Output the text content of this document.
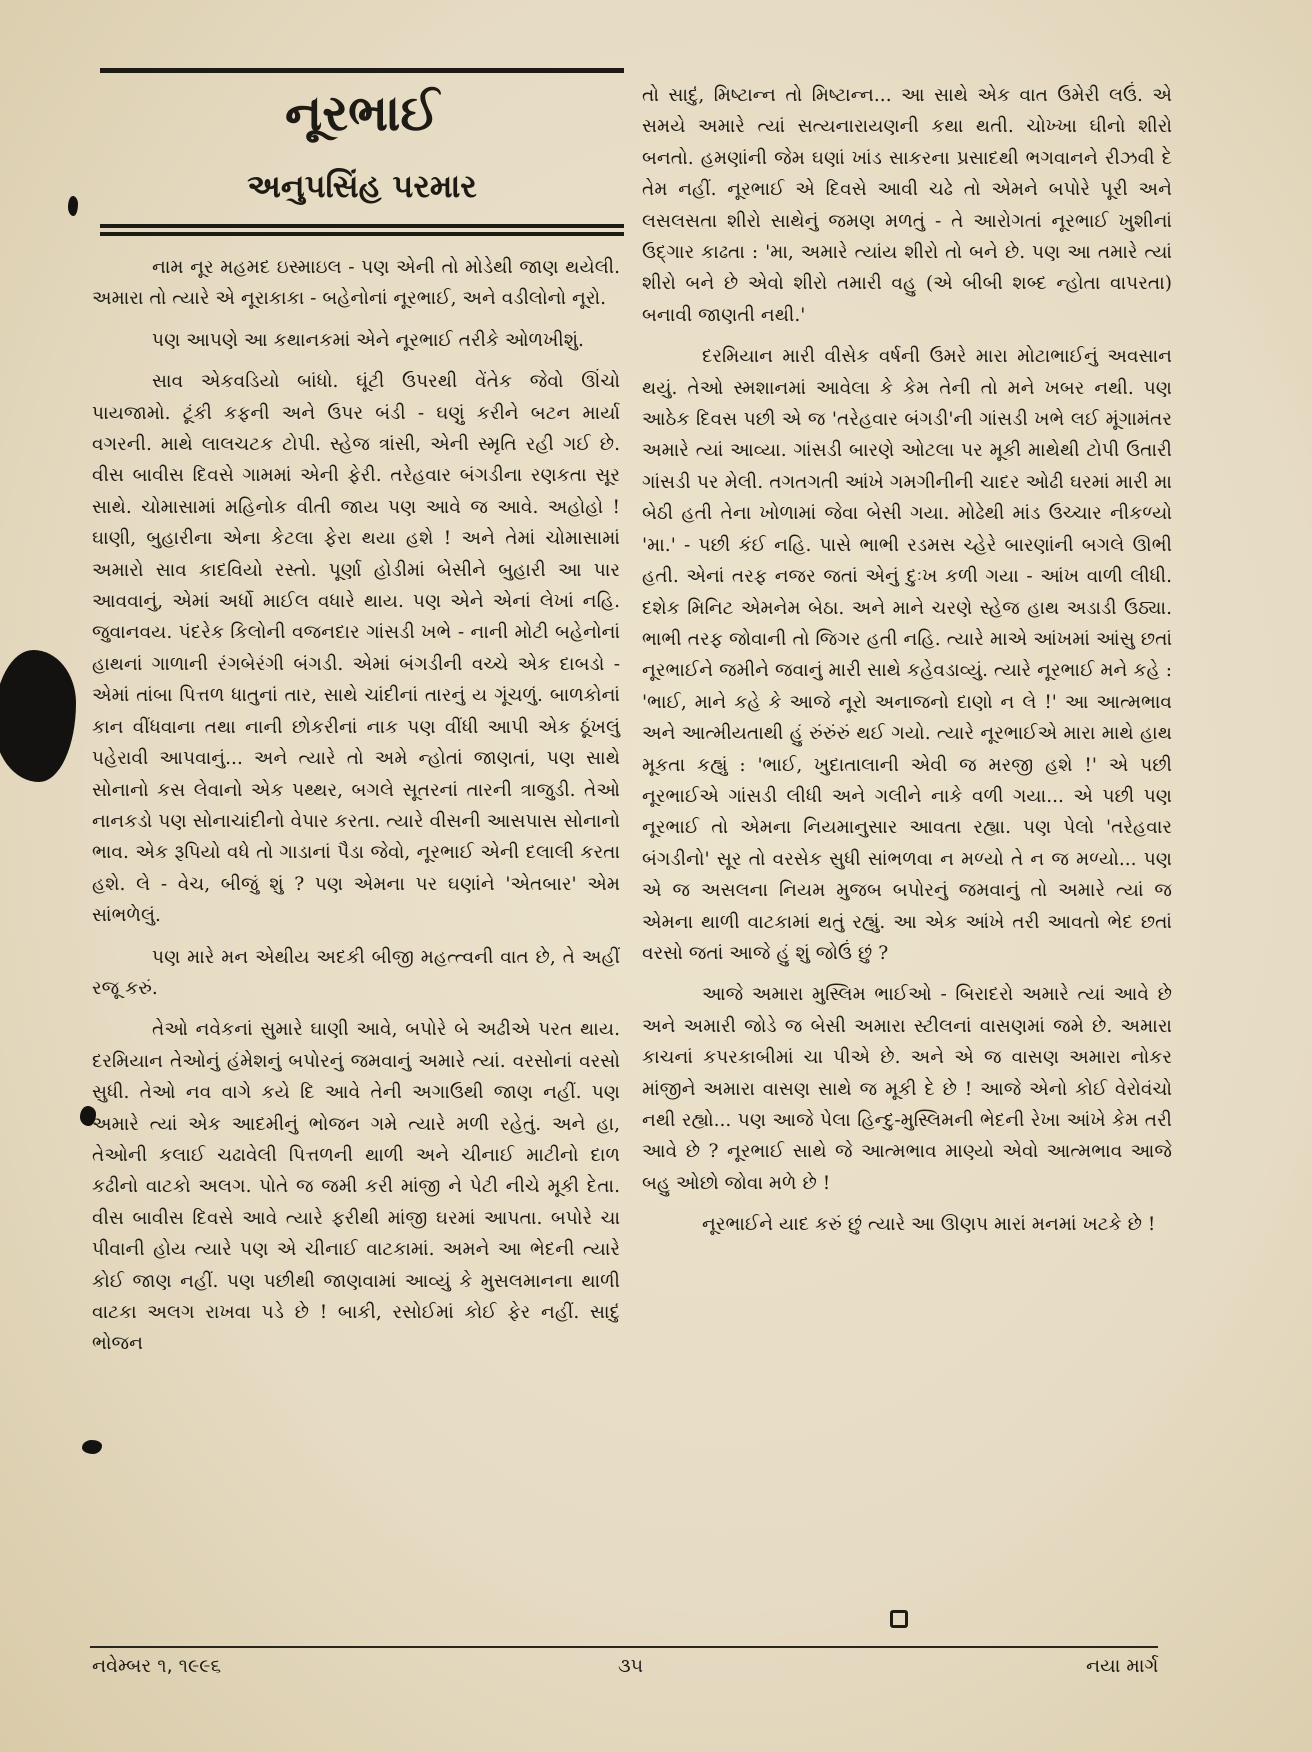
નૂરભાઈ
અનુપસિંહ પરમાર

નામ નૂર મહમદ ઇસ્માઇલ - પણ એની તો મોડેથી જાણ થયેલી. અમારા તો ત્યારે એ નૂરાકાકા - બહેનોનાં નૂરભાઈ, અને વડીલોનો નૂરો.

પણ આપણે આ કથાનકમાં એને નૂરભાઈ તરીકે ઓળખીશું.

સાવ એકવડિયો બાંધો. ઘૂંટી ઉપરથી વેંતેક જેવો ઊંચો પાયજામો. ટૂંકી કફની અને ઉપર બંડી - ઘણું કરીને બટન માર્યા વગરની. માથે લાલચટક ટોપી. સ્હેજ ત્રાંસી, એની સ્મૃતિ રહી ગઈ છે. વીસ બાવીસ દિવસે ગામમાં એની ફેરી. તરેહવાર બંગડીના રણકતા સૂર સાથે. ચોમાસામાં મહિનોક વીતી જાય પણ આવે જ આવે. અહોહો ! ઘાણી, બુહારીના એના કેટલા ફેરા થયા હશે ! અને તેમાં ચોમાસામાં અમારો સાવ કાદવિયો રસ્તો. પૂર્ણા હોડીમાં બેસીને બુહારી આ પાર આવવાનું, એમાં અર્ધો માઈલ વધારે થાય. પણ એને એનાં લેખાં નહિ. જુવાનવય. પંદરેક કિલોની વજનદાર ગાંસડી ખભે - નાની મોટી બહેનોનાં હાથનાં ગાળાની રંગબેરંગી બંગડી. એમાં બંગડીની વચ્ચે એક દાબડો - એમાં તાંબા પિત્તળ ધાતુનાં તાર, સાથે ચાંદીનાં તારનું ય ગૂંચળું. બાળકોનાં કાન વીંધવાના તથા નાની છોકરીનાં નાક પણ વીંધી આપી એક ઠૂંખલું પહેરાવી આપવાનું... અને ત્યારે તો અમે ન્હોતાં જાણતાં, પણ સાથે સોનાનો કસ લેવાનો એક પથ્થર, બગલે સૂતરનાં તારની ત્રાજુડી. તેઓ નાનકડો પણ સોનાચાંદીનો વેપાર કરતા. ત્યારે વીસની આસપાસ સોનાનો ભાવ. એક રૂપિયો વધે તો ગાડાનાં પૈડા જેવો, નૂરભાઈ એની દલાલી કરતા હશે. લે - વેચ, બીજું શું ? પણ એમના પર ઘણાંને 'એતબાર' એમ સાંભળેલું.

પણ મારે મન એથીય અદકી બીજી મહત્ત્વની વાત છે, તે અહીં રજૂ કરું.

તેઓ નવેકનાં સુમારે ઘાણી આવે, બપોરે બે અઢીએ પરત થાય. દરમિયાન તેઓનું હંમેશનું બપોરનું જમવાનું અમારે ત્યાં. વરસોનાં વરસો સુધી. તેઓ નવ વાગે કયે દિ આવે તેની અગાઉથી જાણ નહીં. પણ અમારે ત્યાં એક આદમીનું ભોજન ગમે ત્યારે મળી રહેતું. અને હા, તેઓની કલાઈ ચઢાવેલી પિત્તળની થાળી અને ચીનાઈ માટીનો દાળ કઢીનો વાટકો અલગ. પોતે જ જમી કરી માંજી ને પેટી નીચે મૂકી દેતા. વીસ બાવીસ દિવસે આવે ત્યારે ફરીથી માંજી ઘરમાં આપતા. બપોરે ચા પીવાની હોય ત્યારે પણ એ ચીનાઈ વાટકામાં. અમને આ ભેદની ત્યારે કોઈ જાણ નહીં. પણ પછીથી જાણવામાં આવ્યું કે મુસલમાનના થાળી વાટકા અલગ રાખવા પડે છે ! બાકી, રસોઈમાં કોઈ ફેર નહીં. સાદું ભોજન

તો સાદું, મિષ્ટાન્ન તો મિષ્ટાન્ન... આ સાથે એક વાત ઉમેરી લઉં. એ સમયે અમારે ત્યાં સત્યનારાયણની કથા થતી. ચોખ્ખા ઘીનો શીરો બનતો. હમણાંની જેમ ઘણાં ખાંડ સાકરના પ્રસાદથી ભગવાનને રીઝવી દે તેમ નહીં. નૂરભાઈ એ દિવસે આવી ચઢે તો એમને બપોરે પૂરી અને લસલસતા શીરો સાથેનું જમણ મળતું - તે આરોગતાં નૂરભાઈ ખુશીનાં ઉદ્ગાર કાઢતા : 'મા, અમારે ત્યાંય શીરો તો બને છે. પણ આ તમારે ત્યાં શીરો બને છે એવો શીરો તમારી વહુ (એ બીબી શબ્દ ન્હોતા વાપરતા) બનાવી જાણતી નથી.'

દરમિયાન મારી વીસેક વર્ષની ઉમરે મારા મોટાભાઈનું અવસાન થયું. તેઓ સ્મશાનમાં આવેલા કે કેમ તેની તો મને ખબર નથી. પણ આઠેક દિવસ પછી એ જ 'તરેહવાર બંગડી'ની ગાંસડી ખભે લઈ મૂંગામંતર અમારે ત્યાં આવ્યા. ગાંસડી બારણે ઓટલા પર મૂકી માથેથી ટોપી ઉતારી ગાંસડી પર મેલી. તગતગતી આંખે ગમગીનીની ચાદર ઓઢી ઘરમાં મારી મા બેઠી હતી તેના ખોળામાં જેવા બેસી ગયા. મોઢેથી માંડ ઉચ્ચાર નીકળ્યો 'મા.' - પછી કંઈ નહિ. પાસે ભાભી રડમસ ચ્હેરે બારણાંની બગલે ઊભી હતી. એનાં તરફ નજર જતાં એનું દુઃખ કળી ગયા - આંખ વાળી લીધી. દશેક મિનિટ એમનેમ બેઠા. અને માને ચરણે સ્હેજ હાથ અડાડી ઉઠ્યા. ભાભી તરફ જોવાની તો જિગર હતી નહિ. ત્યારે માએ આંખમાં આંસુ છતાં નૂરભાઈને જમીને જવાનું મારી સાથે કહેવડાવ્યું. ત્યારે નૂરભાઈ મને કહે : 'ભાઈ, માને કહે કે આજે નૂરો અનાજનો દાણો ન લે !' આ આત્મભાવ અને આત્મીયતાથી હું રુંરુંરું થઈ ગયો. ત્યારે નૂરભાઈએ મારા માથે હાથ મૂકતા કહ્યું : 'ભાઈ, ખુદાતાલાની એવી જ મરજી હશે !' એ પછી નૂરભાઈએ ગાંસડી લીધી અને ગલીને નાકે વળી ગયા... એ પછી પણ નૂરભાઈ તો એમના નિયમાનુસાર આવતા રહ્યા. પણ પેલો 'તરેહવાર બંગડીનો' સૂર તો વરસેક સુધી સાંભળવા ન મળ્યો તે ન જ મળ્યો... પણ એ જ અસલના નિયમ મુજબ બપોરનું જમવાનું તો અમારે ત્યાં જ એમના થાળી વાટકામાં થતું રહ્યું. આ એક આંખે તરી આવતો ભેદ છતાં વરસો જતાં આજે હું શું જોઉં છું ?

આજે અમારા મુસ્લિમ ભાઈઓ - બિરાદરો અમારે ત્યાં આવે છે અને અમારી જોડે જ બેસી અમારા સ્ટીલનાં વાસણમાં જમે છે. અમારા કાચનાં કપરકાબીમાં ચા પીએ છે. અને એ જ વાસણ અમારા નોકર માંજીને અમારા વાસણ સાથે જ મૂકી દે છે ! આજે એનો કોઈ વેરોવંચો નથી રહ્યો... પણ આજે પેલા હિન્દુ-મુસ્લિમની ભેદની રેખા આંખે કેમ તરી આવે છે ? નૂરભાઈ સાથે જે આત્મભાવ માણ્યો એવો આત્મભાવ આજે બહુ ઓછો જોવા મળે છે !

નૂરભાઈને યાદ કરું છું ત્યારે આ ઊણપ મારાં મનમાં ખટકે છે !

નવેમ્બર ૧, ૧૯૯૬	૩૫	નયા માર્ગ
